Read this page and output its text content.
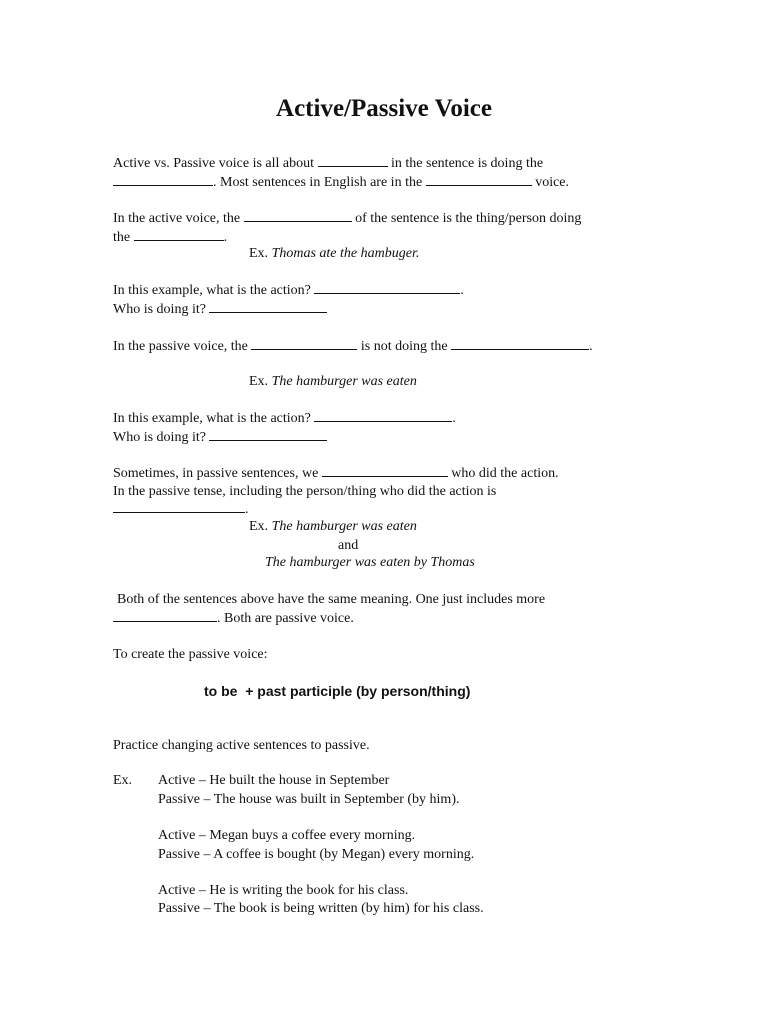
Active/Passive Voice
Active vs. Passive voice is all about	in the sentence is doing the
. Most sentences in English are in the	voice.
In the active voice, the	of the sentence is the thing/person doing
the	.
Ex. Thomas ate the hambuger.
In this example, what is the action?	.
Who is doing it?
In the passive voice, the	is not doing the	.
Ex. The hamburger was eaten
In this example, what is the action?	.
Who is doing it?
Sometimes, in passive sentences, we	who did the action.
In the passive tense, including the person/thing who did the action is
.
Ex. The hamburger was eaten
and
The hamburger was eaten by Thomas
Both of the sentences above have the same meaning. One just includes more
. Both are passive voice.
To create the passive voice:
to be  + past participle (by person/thing)
Practice changing active sentences to passive.
Ex. Active – He built the house in September
Passive – The house was built in September (by him).
Active – Megan buys a coffee every morning.
Passive – A coffee is bought (by Megan) every morning.
Active – He is writing the book for his class.
Passive – The book is being written (by him) for his class.
